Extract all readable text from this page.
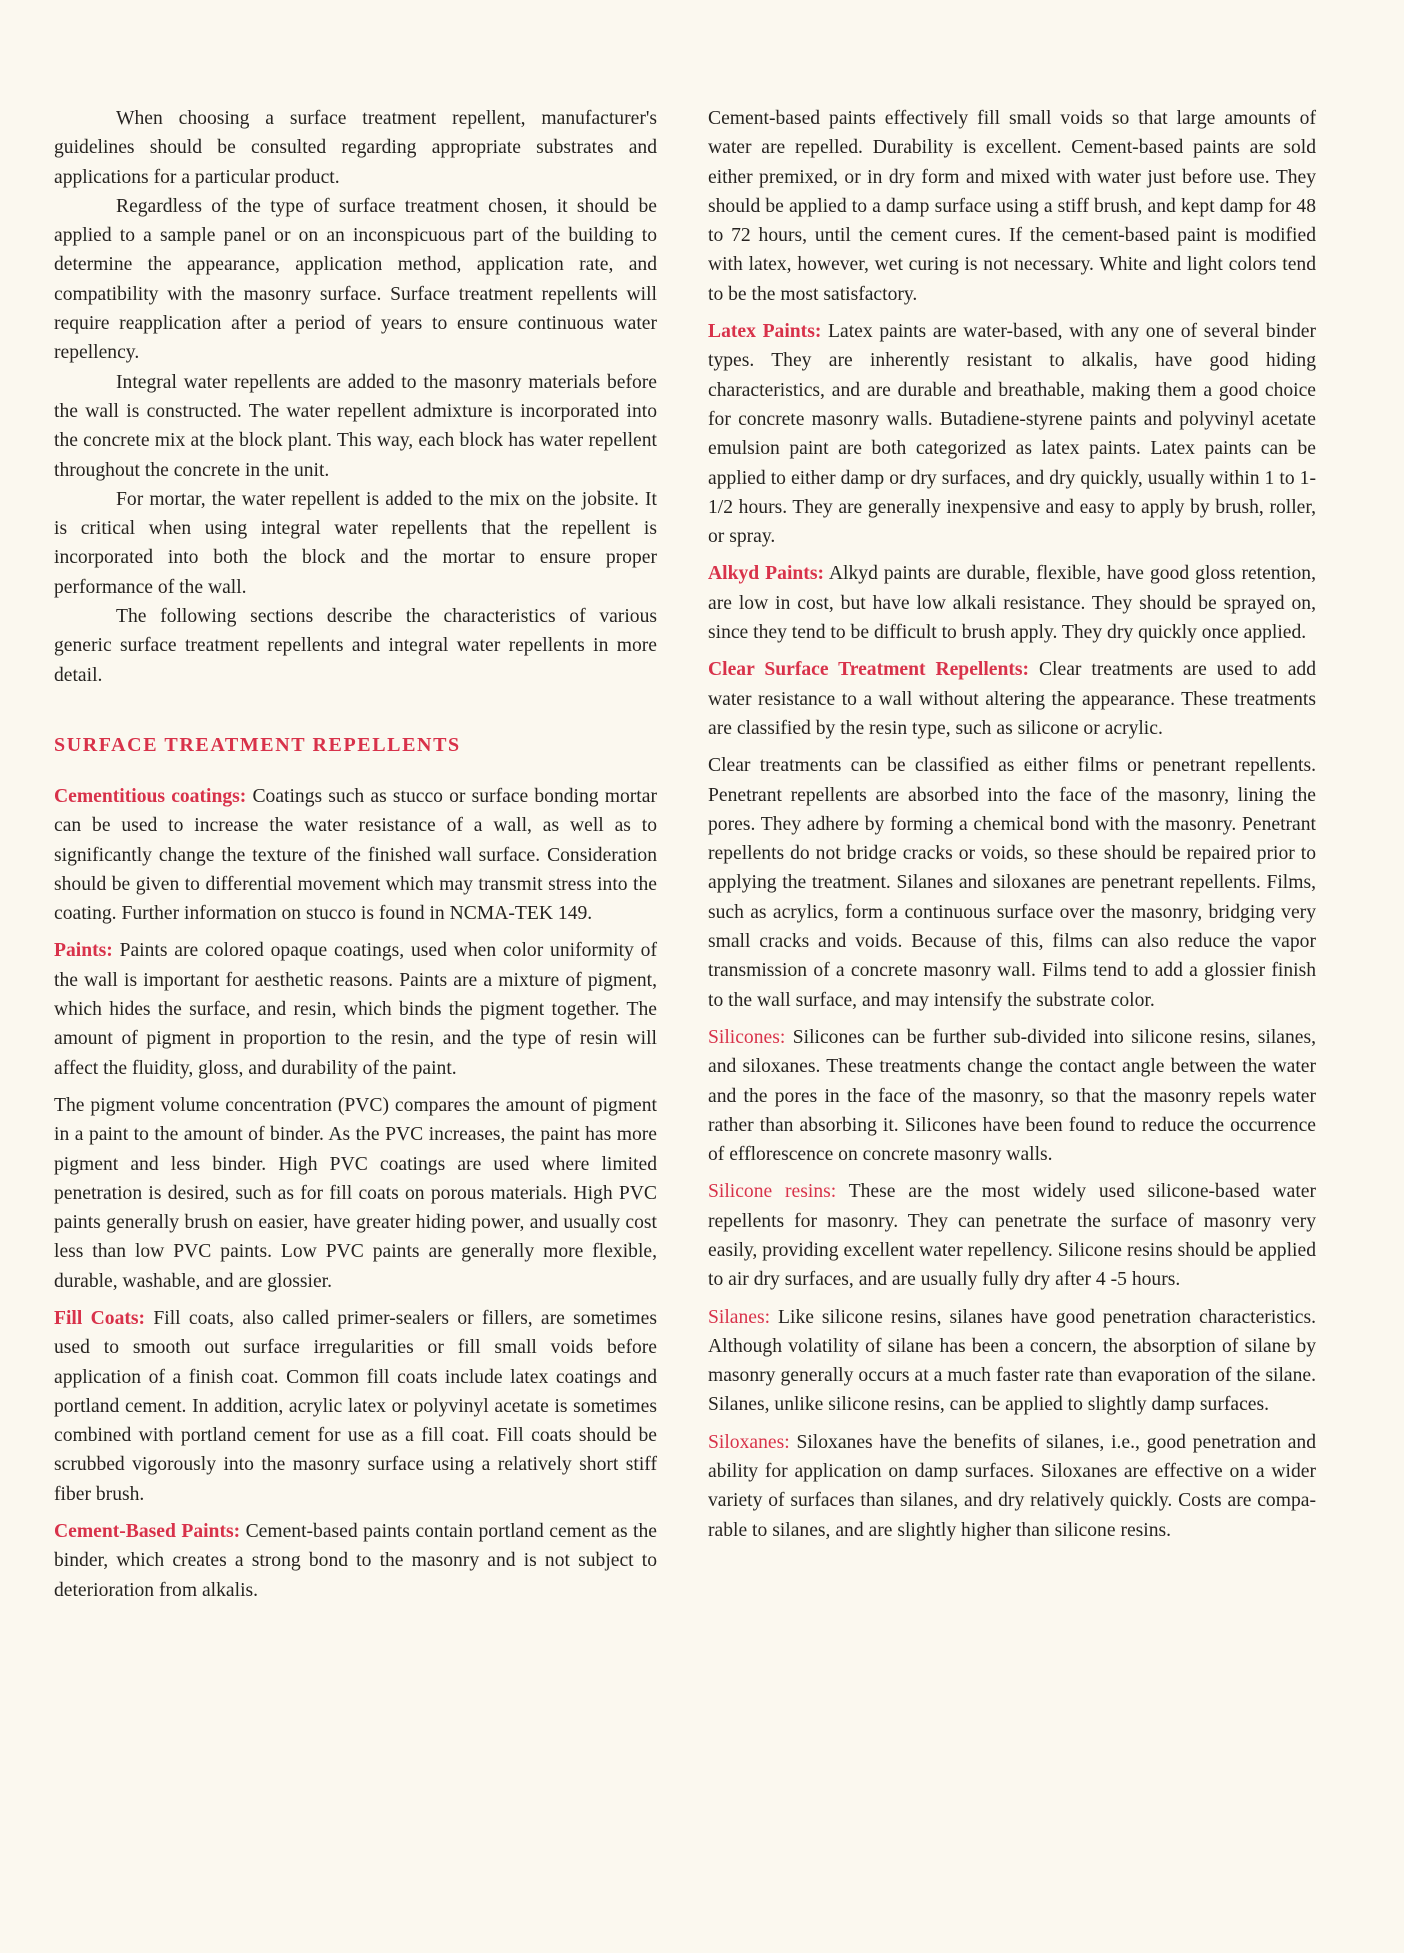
When choosing a surface treatment repellent, manufacturer's guidelines should be consulted regarding appropriate substrates and applications for a particular product.

Regardless of the type of surface treatment chosen, it should be applied to a sample panel or on an inconspicuous part of the building to determine the appearance, application method, application rate, and compatibility with the masonry surface. Surface treatment repellents will require reapplication after a period of years to ensure continuous water repellency.

Integral water repellents are added to the masonry materials before the wall is constructed. The water repellent admixture is incorporated into the concrete mix at the block plant. This way, each block has water repellent throughout the concrete in the unit.

For mortar, the water repellent is added to the mix on the jobsite. It is critical when using integral water repellents that the repellent is incorporated into both the block and the mortar to ensure proper performance of the wall.

The following sections describe the characteristics of various generic surface treatment repellents and integral water repellents in more detail.

SURFACE TREATMENT REPELLENTS

Cementitious coatings: Coatings such as stucco or surface bonding mortar can be used to increase the water resistance of a wall, as well as to significantly change the texture of the finished wall surface. Consideration should be given to differential movement which may transmit stress into the coating. Further information on stucco is found in NCMA-TEK 149.

Paints: Paints are colored opaque coatings, used when color uniformity of the wall is important for aesthetic reasons. Paints are a mixture of pigment, which hides the surface, and resin, which binds the pigment together. The amount of pigment in proportion to the resin, and the type of resin will affect the fluidity, gloss, and durability of the paint.

The pigment volume concentration (PVC) compares the amount of pigment in a paint to the amount of binder. As the PVC increases, the paint has more pigment and less binder. High PVC coatings are used where limited penetration is desired, such as for fill coats on porous materials. High PVC paints generally brush on easier, have greater hiding power, and usually cost less than low PVC paints. Low PVC paints are generally more flexible, durable, washable, and are glossier.

Fill Coats: Fill coats, also called primer-sealers or fillers, are sometimes used to smooth out surface irregularities or fill small voids before application of a finish coat. Common fill coats include latex coatings and portland cement. In addition, acrylic latex or polyvinyl acetate is sometimes combined with portland cement for use as a fill coat. Fill coats should be scrubbed vigorously into the masonry surface using a relatively short stiff fiber brush.

Cement-Based Paints: Cement-based paints contain portland cement as the binder, which creates a strong bond to the masonry and is not subject to deterioration from alkalis.

Cement-based paints effectively fill small voids so that large amounts of water are repelled. Durability is excellent. Cement-based paints are sold either premixed, or in dry form and mixed with water just before use. They should be applied to a damp surface using a stiff brush, and kept damp for 48 to 72 hours, until the cement cures. If the cement-based paint is modified with latex, however, wet curing is not necessary. White and light colors tend to be the most satisfactory.

Latex Paints: Latex paints are water-based, with any one of several binder types. They are inherently resistant to alkalis, have good hiding characteristics, and are durable and breathable, making them a good choice for concrete masonry walls. Butadiene-styrene paints and polyvinyl acetate emulsion paint are both categorized as latex paints. Latex paints can be applied to either damp or dry surfaces, and dry quickly, usually within 1 to 1-1/2 hours. They are generally inexpensive and easy to apply by brush, roller, or spray.

Alkyd Paints: Alkyd paints are durable, flexible, have good gloss retention, are low in cost, but have low alkali resistance. They should be sprayed on, since they tend to be difficult to brush apply. They dry quickly once applied.

Clear Surface Treatment Repellents: Clear treatments are used to add water resistance to a wall without altering the appearance. These treatments are classified by the resin type, such as silicone or acrylic.

Clear treatments can be classified as either films or penetrant repellents. Penetrant repellents are absorbed into the face of the masonry, lining the pores. They adhere by forming a chemical bond with the masonry. Penetrant repellents do not bridge cracks or voids, so these should be repaired prior to applying the treatment. Silanes and siloxanes are penetrant repellents. Films, such as acrylics, form a continuous surface over the masonry, bridging very small cracks and voids. Because of this, films can also reduce the vapor transmission of a concrete masonry wall. Films tend to add a glossier finish to the wall surface, and may intensify the substrate color.

Silicones: Silicones can be further sub-divided into silicone resins, silanes, and siloxanes. These treatments change the contact angle between the water and the pores in the face of the masonry, so that the masonry repels water rather than absorbing it. Silicones have been found to reduce the occurrence of efflorescence on concrete masonry walls.

Silicone resins: These are the most widely used silicone-based water repellents for masonry. They can penetrate the surface of masonry very easily, providing excellent water repellency. Silicone resins should be applied to air dry surfaces, and are usually fully dry after 4 -5 hours.

Silanes: Like silicone resins, silanes have good penetration characteristics. Although volatility of silane has been a concern, the absorption of silane by masonry generally occurs at a much faster rate than evaporation of the silane. Silanes, unlike silicone resins, can be applied to slightly damp surfaces.

Siloxanes: Siloxanes have the benefits of silanes, i.e., good penetration and ability for application on damp surfaces. Siloxanes are effective on a wider variety of surfaces than silanes, and dry relatively quickly. Costs are comparable to silanes, and are slightly higher than silicone resins.
